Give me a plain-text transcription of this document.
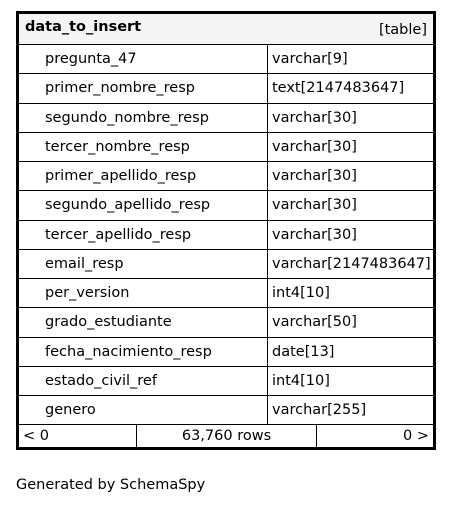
data_to_insert	[table]
pregunta_47	varchar[9]
primer_nombre_resp	text[2147483647]
segundo_nombre_resp	varchar[30]
tercer_nombre_resp	varchar[30]
primer_apellido_resp	varchar[30]
segundo_apellido_resp	varchar[30]
tercer_apellido_resp	varchar[30]
email_resp	varchar[2147483647]
per_version	int4[10]
grado_estudiante	varchar[50]
fecha_nacimiento_resp	date[13]
estado_civil_ref	int4[10]
genero	varchar[255]
< 0	63,760 rows	0 >
Generated by SchemaSpy
